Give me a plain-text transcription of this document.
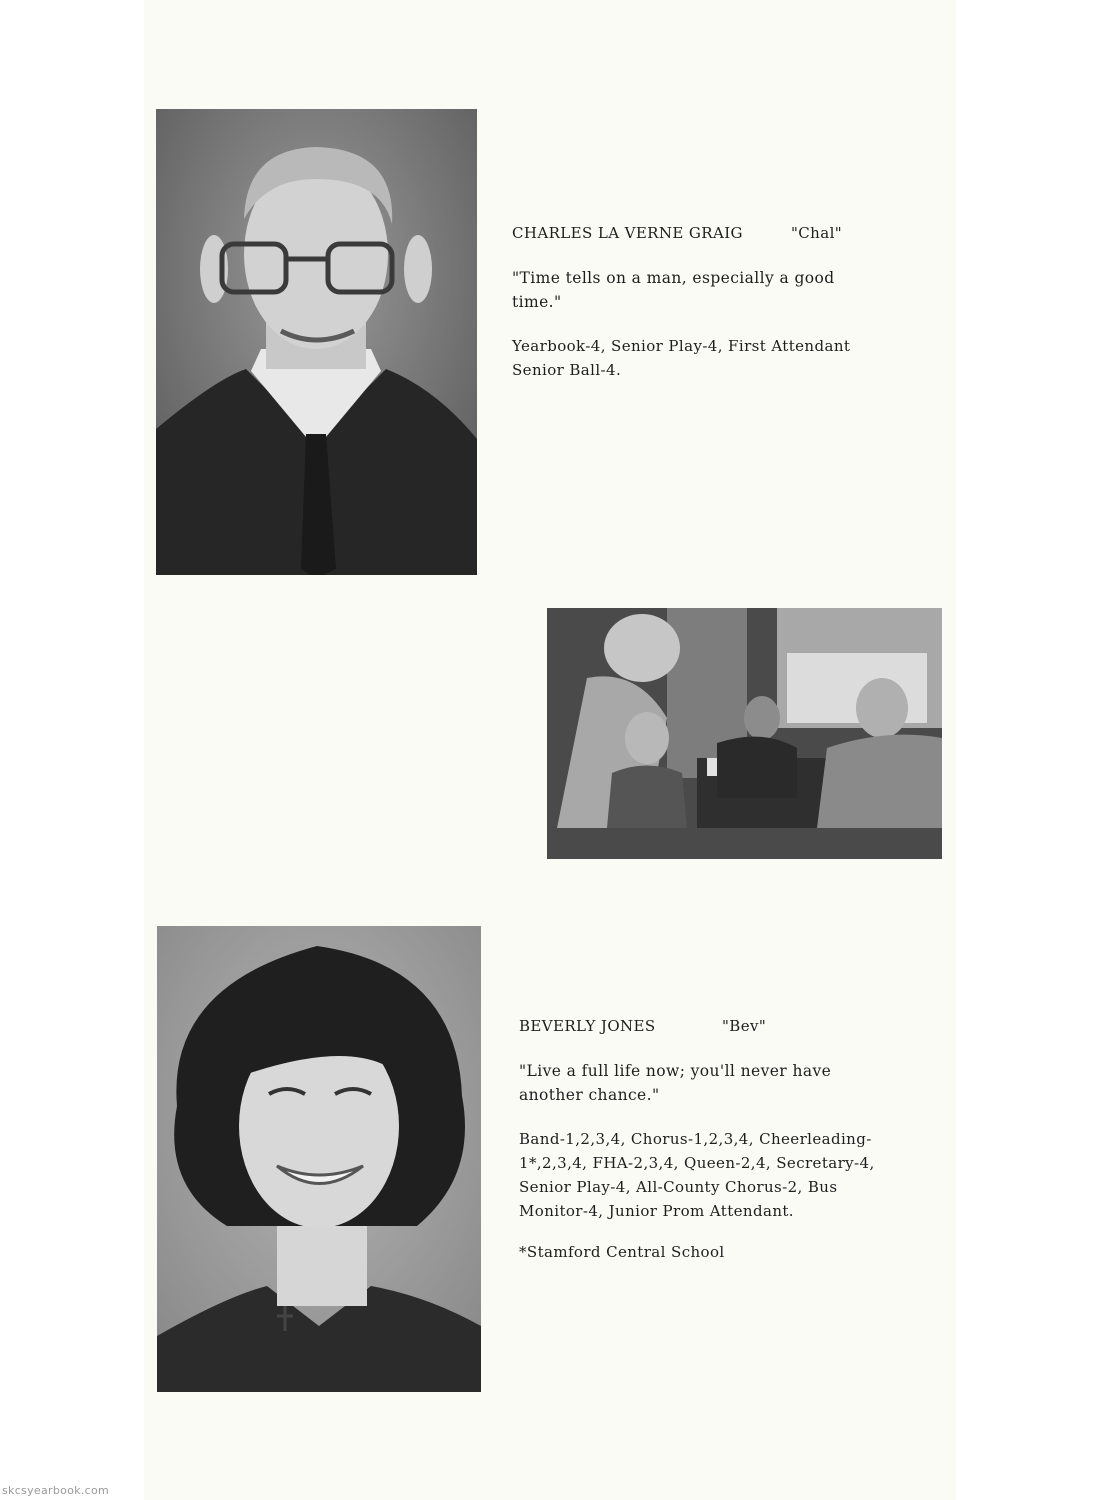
CHARLES LA VERNE GRAIG	"Chal"
"Time tells on a man, especially a good time."
Yearbook-4, Senior Play-4, First Attendant Senior Ball-4.
BEVERLY JONES	"Bev"
"Live a full life now; you'll never have another chance."
Band-1,2,3,4, Chorus-1,2,3,4, Cheerleading-1*,2,3,4, FHA-2,3,4, Queen-2,4, Secretary-4, Senior Play-4, All-County Chorus-2, Bus Monitor-4, Junior Prom Attendant.
*Stamford Central School
skcsyearbook.com
